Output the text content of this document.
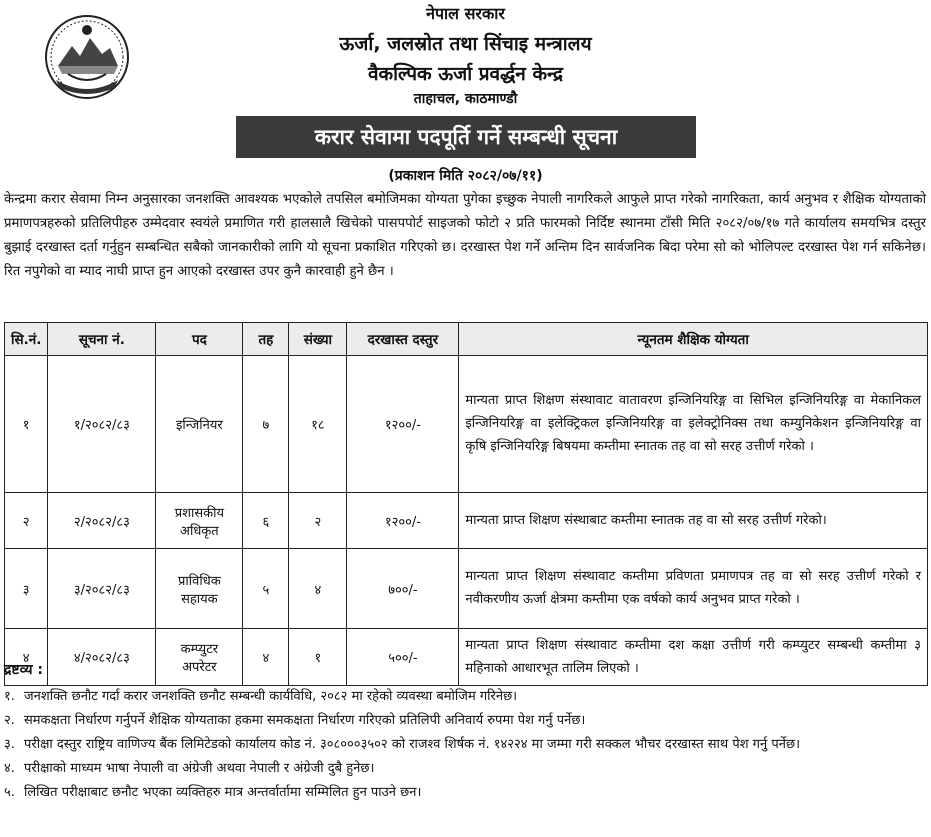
नेपाल सरकार
ऊर्जा, जलस्रोत तथा सिंचाइ मन्त्रालय
वैकल्पिक ऊर्जा प्रवर्द्धन केन्द्र
ताहाचल, काठमाण्डौ
करार सेवामा पदपूर्ति गर्ने सम्बन्धी सूचना
(प्रकाशन मिति २०८२/०७/११)
केन्द्रमा करार सेवामा निम्न अनुसारका जनशक्ति आवश्यक भएकोले तपसिल बमोजिमका योग्यता पुगेका इच्छुक नेपाली नागरिकले आफुले प्राप्त गरेको नागरिकता, कार्य अनुभव र शैक्षिक योग्यताको प्रमाणपत्रहरुको प्रतिलिपीहरु उम्मेदवार स्वयंले प्रमाणित गरी हालसालै खिचेको पासपपोर्ट साइजको फोटो २ प्रति फारमको निर्दिष्ट स्थानमा टाँसी मिति २०८२/०७/१७ गते कार्यालय समयभित्र दस्तुर बुझाई दरखास्त दर्ता गर्नुहुन सम्बन्धित सबैको जानकारीको लागि यो सूचना प्रकाशित गरिएको छ। दरखास्त पेश गर्ने अन्तिम दिन सार्वजनिक बिदा परेमा सो को भोलिपल्ट दरखास्त पेश गर्न सकिनेछ। रित नपुगेको वा म्याद नाघी प्राप्त हुन आएको दरखास्त उपर कुनै कारवाही हुने छैन ।
सि.नं.	सूचना नं.	पद	तह	संख्या	दरखास्त दस्तुर	न्यूनतम शैक्षिक योग्यता
१	१/२०८२/८३	इन्जिनियर	७	१८	१२००/-	मान्यता प्राप्त शिक्षण संस्थावाट वातावरण इन्जिनियरिङ्ग वा सिभिल इन्जिनियरिङ्ग वा मेकानिकल इन्जिनियरिङ्ग वा इलेक्ट्रिकल इन्जिनियरिङ्ग वा इलेक्ट्रोनिक्स तथा कम्युनिकेशन इन्जिनियरिङ्ग वा कृषि इन्जिनियरिङ्ग बिषयमा कम्तीमा स्नातक तह वा सो सरह उत्तीर्ण गरेको ।
२	२/२०८२/८३	प्रशासकीय अधिकृत	६	२	१२००/-	मान्यता प्राप्त शिक्षण संस्थाबाट कम्तीमा स्नातक तह वा सो सरह उत्तीर्ण गरेको।
३	३/२०८२/८३	प्राविधिक सहायक	५	४	७००/-	मान्यता प्राप्त शिक्षण संस्थावाट कम्तीमा प्रविणता प्रमाणपत्र तह वा सो सरह उत्तीर्ण गरेको र नवीकरणीय ऊर्जा क्षेत्रमा कम्तीमा एक वर्षको कार्य अनुभव प्राप्त गरेको ।
४	४/२०८२/८३	कम्प्युटर अपरेटर	४	१	५००/-	मान्यता प्राप्त शिक्षण संस्थावाट कम्तीमा दश कक्षा उत्तीर्ण गरी कम्प्युटर सम्बन्धी कम्तीमा ३ महिनाको आधारभूत तालिम लिएको ।
द्रष्टव्य :
१. जनशक्ति छनौट गर्दा करार जनशक्ति छनौट सम्बन्धी कार्यविधि, २०८२ मा रहेको व्यवस्था बमोजिम गरिनेछ।
२. समकक्षता निर्धारण गर्नुपर्ने शैक्षिक योग्यताका हकमा समकक्षता निर्धारण गरिएको प्रतिलिपी अनिवार्य रुपमा पेश गर्नु पर्नेछ।
३. परीक्षा दस्तुर राष्ट्रिय वाणिज्य बैंक लिमिटेडको कार्यालय कोड नं. ३०८०००३५०२ को राजश्व शिर्षक नं. १४२२४ मा जम्मा गरी सक्कल भौचर दरखास्त साथ पेश गर्नु पर्नेछ।
४. परीक्षाको माध्यम भाषा नेपाली वा अंग्रेजी अथवा नेपाली र अंग्रेजी दुबै हुनेछ।
५. लिखित परीक्षाबाट छनौट भएका व्यक्तिहरु मात्र अन्तर्वार्तामा सम्मिलित हुन पाउने छन।
